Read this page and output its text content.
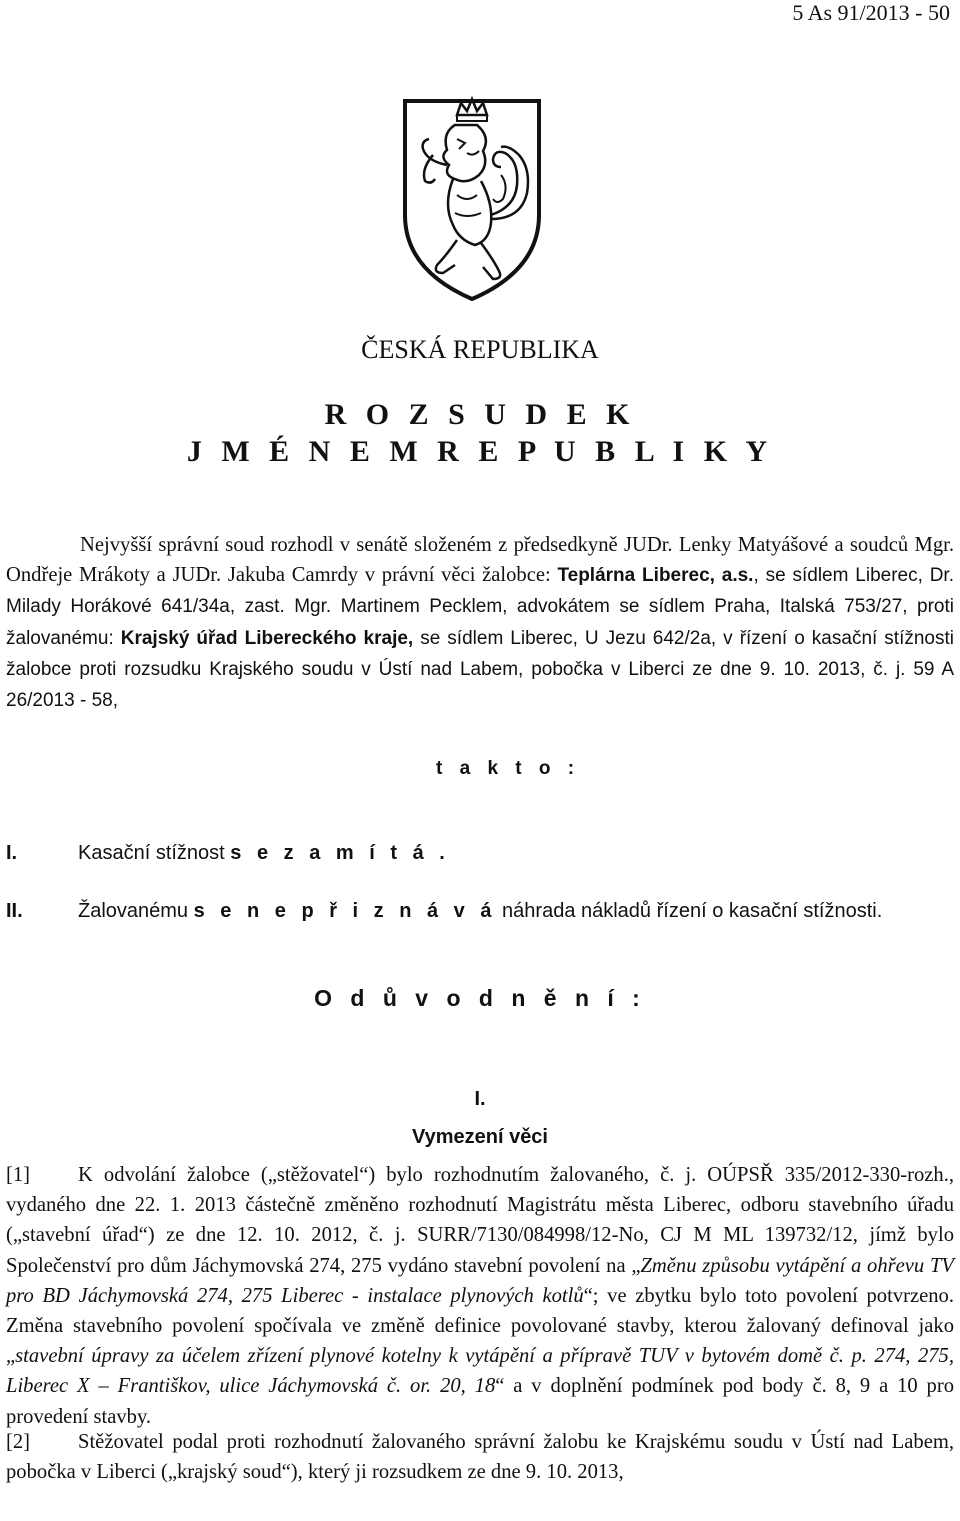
5 As 91/2013 - 50
ČESKÁ REPUBLIKA
R O Z S U D E K
J M É N E M R E P U B L I K Y
Nejvyšší správní soud rozhodl v senátě složeném z předsedkyně JUDr. Lenky Matyášové a soudců Mgr. Ondřeje Mrákoty a JUDr. Jakuba Camrdy v právní věci žalobce: Teplárna Liberec, a.s., se sídlem Liberec, Dr. Milady Horákové 641/34a, zast. Mgr. Martinem Pecklem, advokátem se sídlem Praha, Italská 753/27, proti žalovanému: Krajský úřad Libereckého kraje, se sídlem Liberec, U Jezu 642/2a, v řízení o kasační stížnosti žalobce proti rozsudku Krajského soudu v Ústí nad Labem, pobočka v Liberci ze dne 9. 10. 2013, č. j. 59 A 26/2013 - 58,
t a k t o :
I.	Kasační stížnost s e z a m í t á .
II.	Žalovanému s e n e p ř i z n á v á náhrada nákladů řízení o kasační stížnosti.
O d ů v o d n ě n í :
I.
Vymezení věci
[1] K odvolání žalobce („stěžovatel“) bylo rozhodnutím žalovaného, č. j. OÚPSŘ 335/2012-330-rozh., vydaného dne 22. 1. 2013 částečně změněno rozhodnutí Magistrátu města Liberec, odboru stavebního úřadu („stavební úřad“) ze dne 12. 10. 2012, č. j. SURR/7130/084998/12-No, CJ M ML 139732/12, jímž bylo Společenství pro dům Jáchymovská 274, 275 vydáno stavební povolení na „Změnu způsobu vytápění a ohřevu TV pro BD Jáchymovská 274, 275 Liberec - instalace plynových kotlů“; ve zbytku bylo toto povolení potvrzeno. Změna stavebního povolení spočívala ve změně definice povolované stavby, kterou žalovaný definoval jako „stavební úpravy za účelem zřízení plynové kotelny k vytápění a přípravě TUV v bytovém domě č. p. 274, 275, Liberec X – Františkov, ulice Jáchymovská č. or. 20, 18“ a v doplnění podmínek pod body č. 8, 9 a 10 pro provedení stavby.
[2] Stěžovatel podal proti rozhodnutí žalovaného správní žalobu ke Krajskému soudu v Ústí nad Labem, pobočka v Liberci („krajský soud“), který ji rozsudkem ze dne 9. 10. 2013,
